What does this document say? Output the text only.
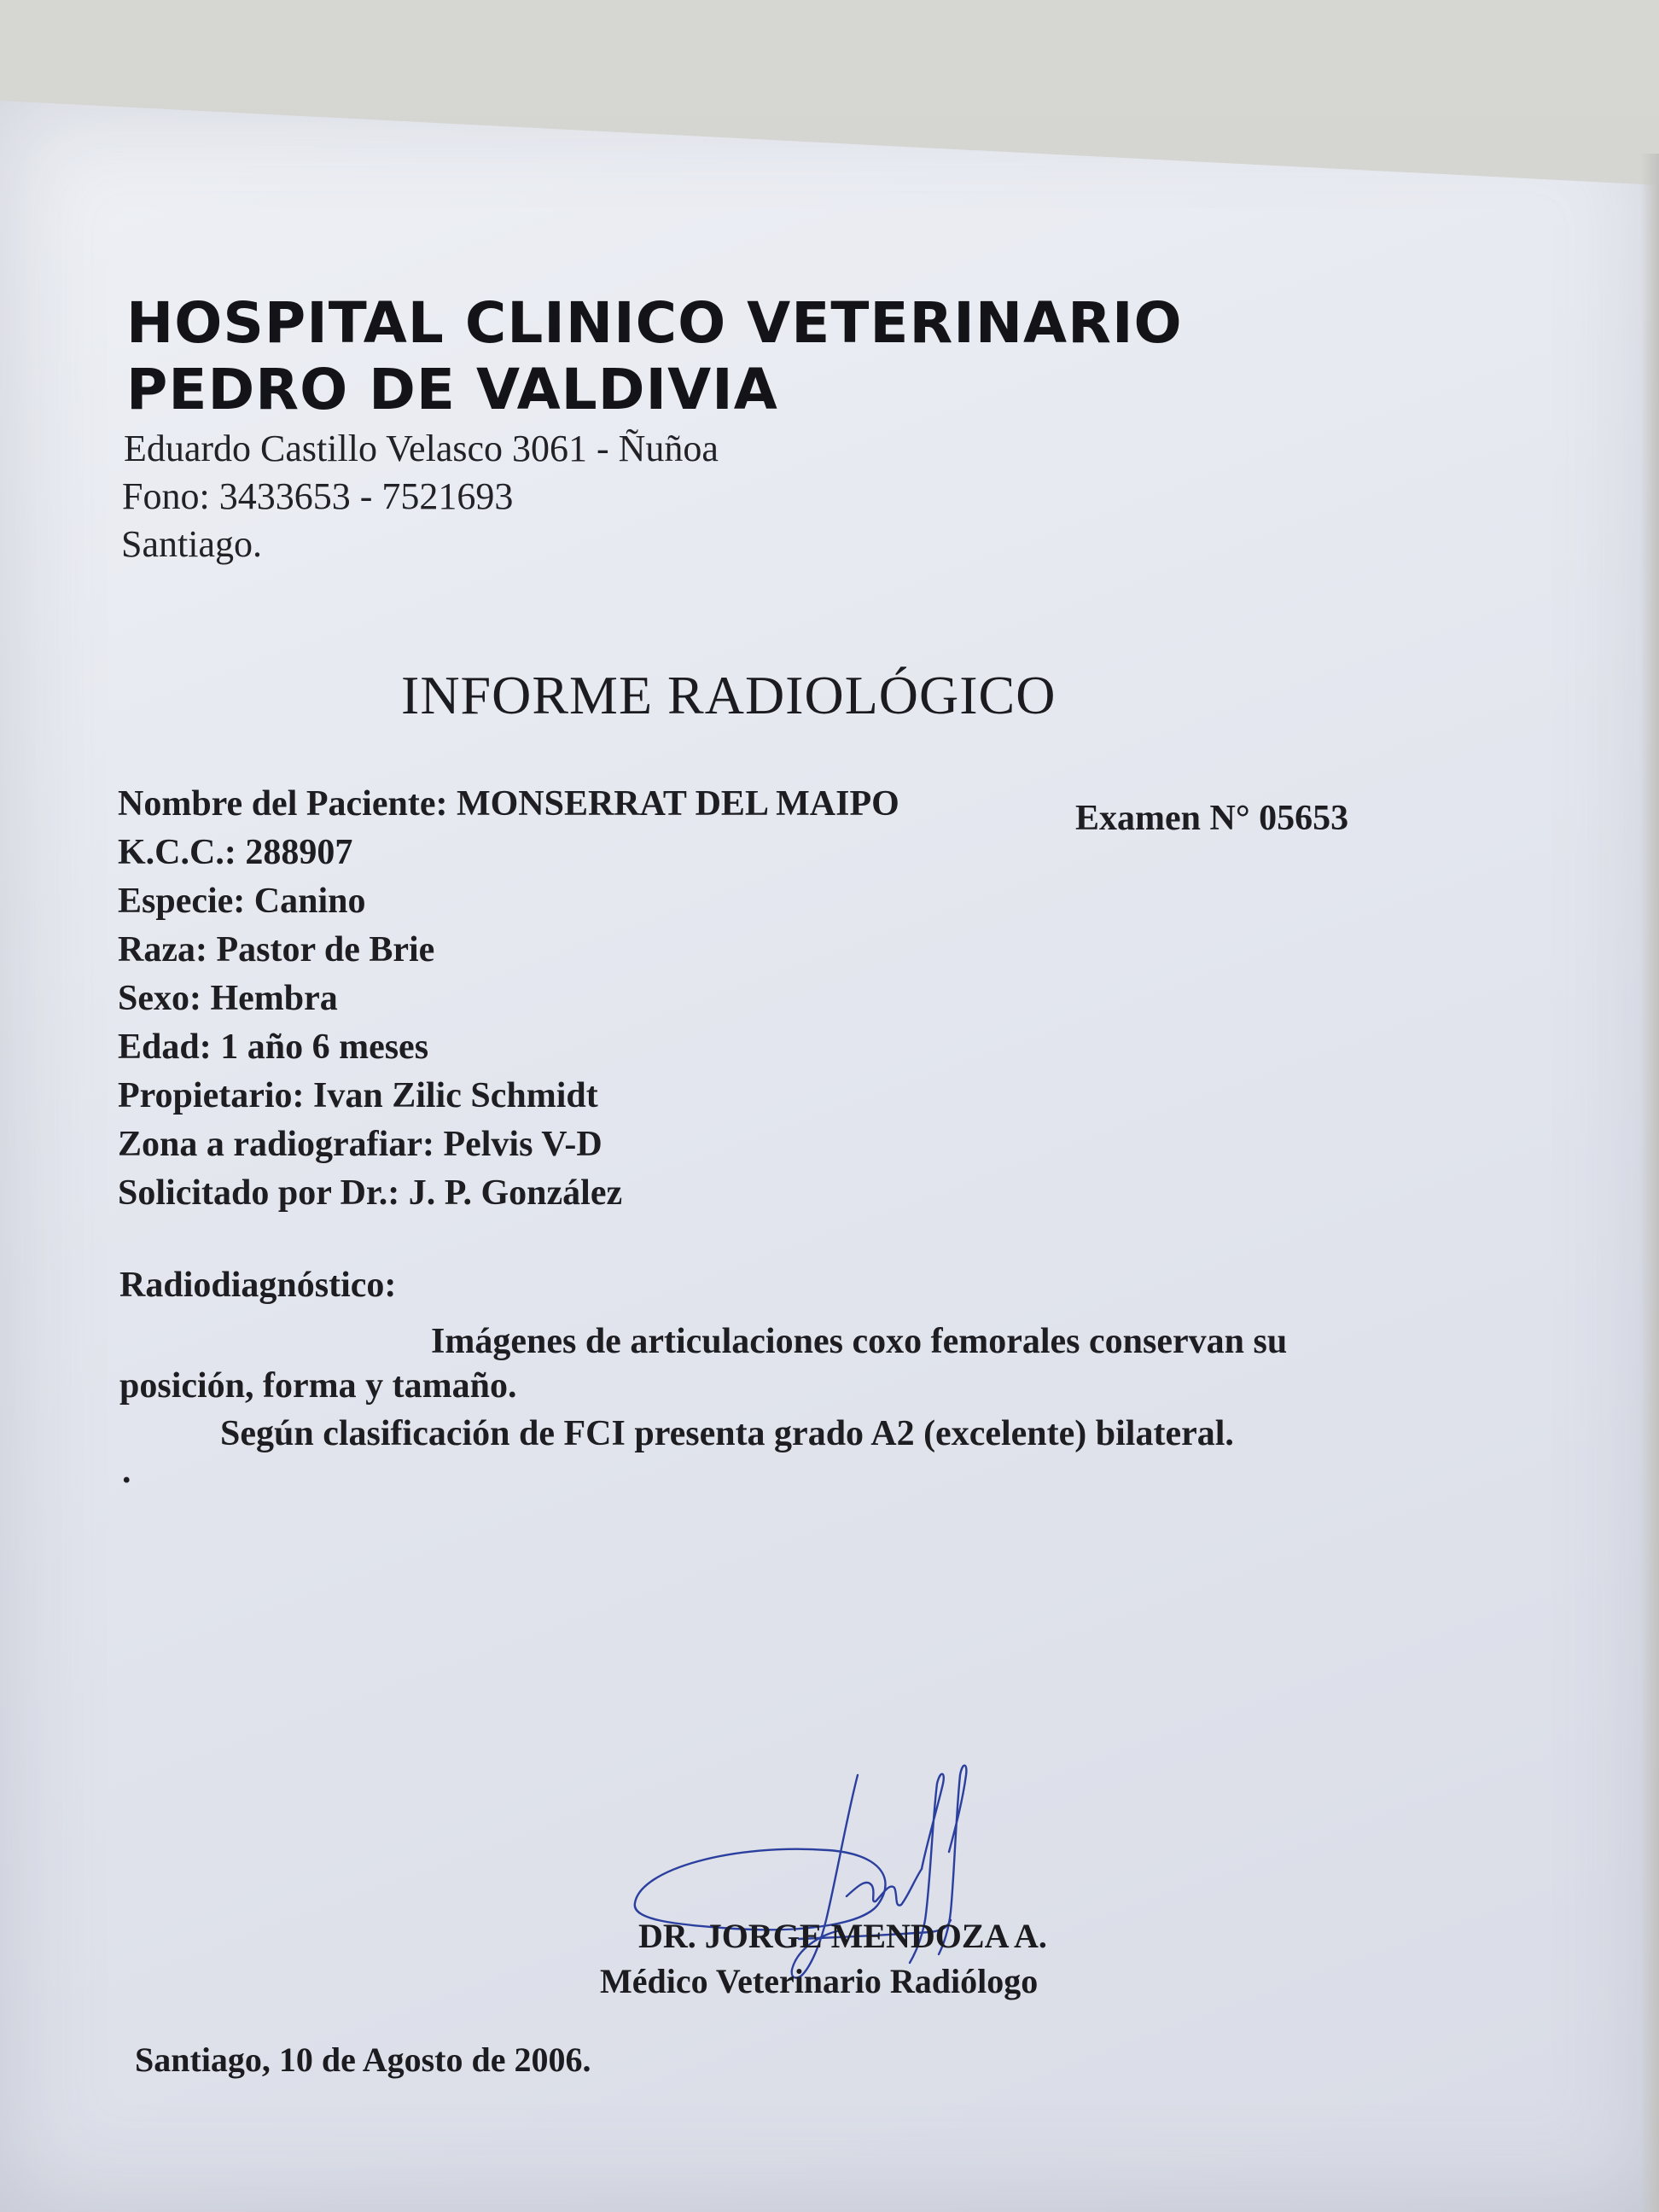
HOSPITAL CLINICO VETERINARIO
PEDRO DE VALDIVIA
Eduardo Castillo Velasco 3061 - Ñuñoa
Fono: 3433653 - 7521693
Santiago.
INFORME RADIOLÓGICO
Nombre del Paciente: MONSERRAT DEL MAIPO	Examen N° 05653
K.C.C.: 288907
Especie: Canino
Raza: Pastor de Brie
Sexo: Hembra
Edad: 1 año 6 meses
Propietario: Ivan Zilic Schmidt
Zona a radiografiar: Pelvis V-D
Solicitado por Dr.: J. P. González
Radiodiagnóstico:
Imágenes de articulaciones coxo femorales conservan su
posición, forma y tamaño.
Según clasificación de FCI presenta grado A2 (excelente) bilateral.
.
DR. JORGE MENDOZA A.
Médico Veterinario Radiólogo
Santiago, 10 de Agosto de 2006.
